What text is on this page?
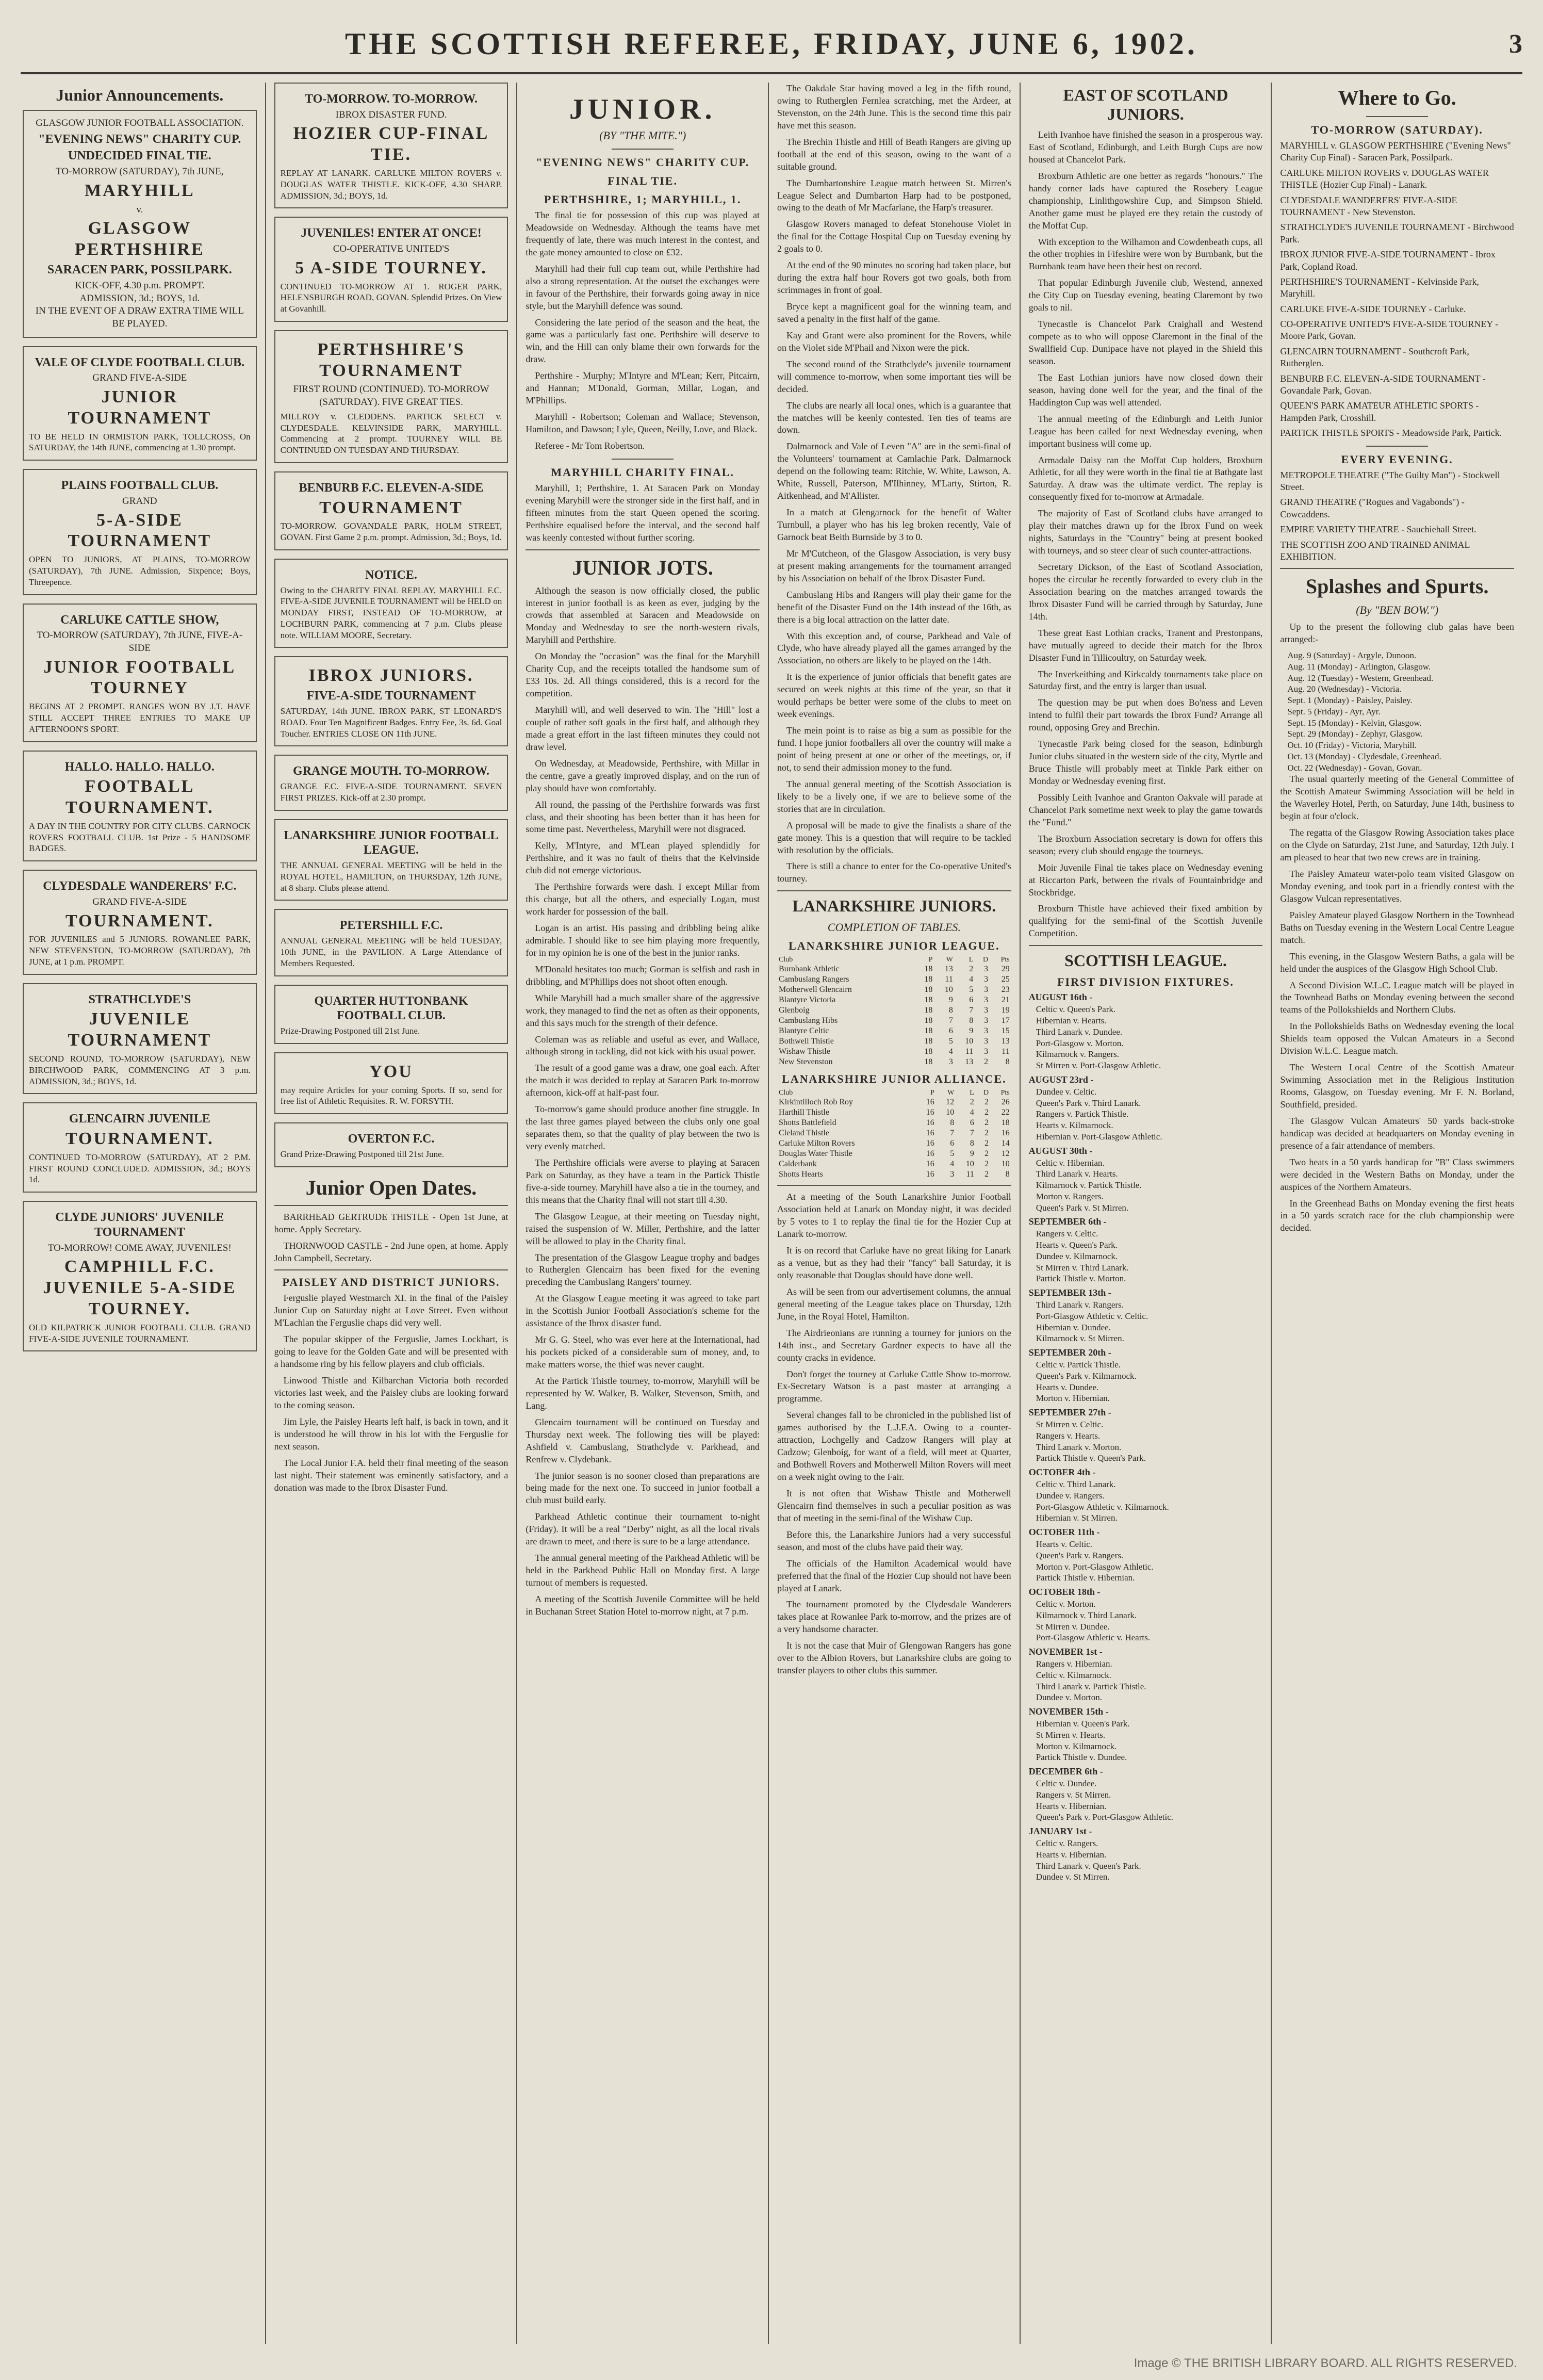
THE SCOTTISH REFEREE, FRIDAY, JUNE 6, 1902.	3
Junior Announcements.
GLASGOW JUNIOR FOOTBALL ASSOCIATION.
"EVENING NEWS" CHARITY CUP.
UNDECIDED FINAL TIE.
TO-MORROW (SATURDAY), 7th JUNE,
MARYHILL
v.
GLASGOW PERTHSHIRE
SARACEN PARK, POSSILPARK.
KICK-OFF, 4.30 p.m. PROMPT.
ADMISSION, 3d.; BOYS, 1d.
IN THE EVENT OF A DRAW EXTRA TIME WILL BE PLAYED.
VALE OF CLYDE FOOTBALL CLUB.
GRAND FIVE-A-SIDE
JUNIOR TOURNAMENT
TO BE HELD IN ORMISTON PARK, TOLLCROSS, On SATURDAY, the 14th JUNE, commencing at 1.30 prompt.
PLAINS FOOTBALL CLUB.
GRAND
5-A-SIDE TOURNAMENT
OPEN TO JUNIORS, AT PLAINS, TO-MORROW (SATURDAY), 7th JUNE. Admission, Sixpence; Boys, Threepence.
CARLUKE CATTLE SHOW,
TO-MORROW (SATURDAY), 7th JUNE, FIVE-A-SIDE
JUNIOR FOOTBALL TOURNEY
BEGINS AT 2 PROMPT. RANGES WON BY J.T. HAVE STILL ACCEPT THREE ENTRIES TO MAKE UP AFTERNOON'S SPORT.
HALLO. HALLO. HALLO.
FOOTBALL TOURNAMENT.
A DAY IN THE COUNTRY FOR CITY CLUBS. CARNOCK ROVERS FOOTBALL CLUB. 1st Prize - 5 HANDSOME BADGES.
CLYDESDALE WANDERERS' F.C.
GRAND FIVE-A-SIDE
TOURNAMENT.
FOR JUVENILES and 5 JUNIORS. ROWANLEE PARK, NEW STEVENSTON, TO-MORROW (SATURDAY), 7th JUNE, at 1 p.m. PROMPT.
STRATHCLYDE'S
JUVENILE TOURNAMENT
SECOND ROUND, TO-MORROW (SATURDAY), NEW BIRCHWOOD PARK, COMMENCING AT 3 p.m. ADMISSION, 3d.; BOYS, 1d.
GLENCAIRN JUVENILE
TOURNAMENT.
CONTINUED TO-MORROW (SATURDAY), AT 2 P.M. FIRST ROUND CONCLUDED. ADMISSION, 3d.; BOYS 1d.
CLYDE JUNIORS' JUVENILE TOURNAMENT
TO-MORROW! COME AWAY, JUVENILES!
CAMPHILL F.C. JUVENILE 5-A-SIDE TOURNEY.
OLD KILPATRICK JUNIOR FOOTBALL CLUB. GRAND FIVE-A-SIDE JUVENILE TOURNAMENT.
TO-MORROW. TO-MORROW.
IBROX DISASTER FUND.
HOZIER CUP-FINAL TIE.
REPLAY AT LANARK. CARLUKE MILTON ROVERS v. DOUGLAS WATER THISTLE. KICK-OFF, 4.30 SHARP. ADMISSION, 3d.; BOYS, 1d.
JUVENILES! ENTER AT ONCE!
CO-OPERATIVE UNITED'S
5 A-SIDE TOURNEY.
CONTINUED TO-MORROW AT 1. ROGER PARK, HELENSBURGH ROAD, GOVAN. Splendid Prizes. On View at Govanhill.
PERTHSHIRE'S TOURNAMENT
FIRST ROUND (CONTINUED). TO-MORROW (SATURDAY). FIVE GREAT TIES.
MILLROY v. CLEDDENS. PARTICK SELECT v. CLYDESDALE. KELVINSIDE PARK, MARYHILL. Commencing at 2 prompt. TOURNEY WILL BE CONTINUED ON TUESDAY AND THURSDAY.
BENBURB F.C. ELEVEN-A-SIDE
TOURNAMENT
TO-MORROW. GOVANDALE PARK, HOLM STREET, GOVAN. First Game 2 p.m. prompt. Admission, 3d.; Boys, 1d.
NOTICE.
Owing to the CHARITY FINAL REPLAY, MARYHILL F.C. FIVE-A-SIDE JUVENILE TOURNAMENT will be HELD on MONDAY FIRST, INSTEAD OF TO-MORROW, at LOCHBURN PARK, commencing at 7 p.m. Clubs please note. WILLIAM MOORE, Secretary.
IBROX JUNIORS.
FIVE-A-SIDE TOURNAMENT
SATURDAY, 14th JUNE. IBROX PARK, ST LEONARD'S ROAD. Four Ten Magnificent Badges. Entry Fee, 3s. 6d. Goal Toucher. ENTRIES CLOSE ON 11th JUNE.
GRANGE MOUTH. TO-MORROW.
GRANGE F.C. FIVE-A-SIDE TOURNAMENT. SEVEN FIRST PRIZES. Kick-off at 2.30 prompt.
LANARKSHIRE JUNIOR FOOTBALL LEAGUE.
THE ANNUAL GENERAL MEETING will be held in the ROYAL HOTEL, HAMILTON, on THURSDAY, 12th JUNE, at 8 sharp. Clubs please attend.
PETERSHILL F.C.
ANNUAL GENERAL MEETING will be held TUESDAY, 10th JUNE, in the PAVILION. A Large Attendance of Members Requested.
QUARTER HUTTONBANK FOOTBALL CLUB.
Prize-Drawing Postponed till 21st June.
YOU
may require Articles for your coming Sports. If so, send for free list of Athletic Requisites. R. W. FORSYTH.
OVERTON F.C.
Grand Prize-Drawing Postponed till 21st June.
Junior Open Dates.

BARRHEAD GERTRUDE THISTLE - Open 1st June, at home. Apply Secretary.

THORNWOOD CASTLE - 2nd June open, at home. Apply John Campbell, Secretary.

PAISLEY AND DISTRICT JUNIORS.

Ferguslie played Westmarch XI. in the final of the Paisley Junior Cup on Saturday night at Love Street. Even without M'Lachlan the Ferguslie chaps did very well.

The popular skipper of the Ferguslie, James Lockhart, is going to leave for the Golden Gate and will be presented with a handsome ring by his fellow players and club officials.

Linwood Thistle and Kilbarchan Victoria both recorded victories last week, and the Paisley clubs are looking forward to the coming season.

Jim Lyle, the Paisley Hearts left half, is back in town, and it is understood he will throw in his lot with the Ferguslie for next season.

The Local Junior F.A. held their final meeting of the season last night. Their statement was eminently satisfactory, and a donation was made to the Ibrox Disaster Fund.

JUNIOR.
(BY "THE MITE.")
"EVENING NEWS" CHARITY CUP.
FINAL TIE.
PERTHSHIRE, 1; MARYHILL, 1.

The final tie for possession of this cup was played at Meadowside on Wednesday. Although the teams have met frequently of late, there was much interest in the contest, and the gate money amounted to close on £32.

Maryhill had their full cup team out, while Perthshire had also a strong representation. At the outset the exchanges were in favour of the Perthshire, their forwards going away in nice style, but the Maryhill defence was sound.

Considering the late period of the season and the heat, the game was a particularly fast one. Perthshire will deserve to win, and the Hill can only blame their own forwards for the draw.

Perthshire - Murphy; M'Intyre and M'Lean; Kerr, Pitcairn, and Hannan; M'Donald, Gorman, Millar, Logan, and M'Phillips.

Maryhill - Robertson; Coleman and Wallace; Stevenson, Hamilton, and Dawson; Lyle, Queen, Neilly, Love, and Black.

Referee - Mr Tom Robertson.

MARYHILL CHARITY FINAL.

Maryhill, 1; Perthshire, 1. At Saracen Park on Monday evening Maryhill were the stronger side in the first half, and in fifteen minutes from the start Queen opened the scoring. Perthshire equalised before the interval, and the second half was keenly contested without further scoring.

JUNIOR JOTS.

Although the season is now officially closed, the public interest in junior football is as keen as ever, judging by the crowds that assembled at Saracen and Meadowside on Monday and Wednesday to see the north-western rivals, Maryhill and Perthshire.

On Monday the "occasion" was the final for the Maryhill Charity Cup, and the receipts totalled the handsome sum of £33 10s. 2d. All things considered, this is a record for the competition.

Maryhill will, and well deserved to win. The "Hill" lost a couple of rather soft goals in the first half, and although they made a great effort in the last fifteen minutes they could not draw level.

On Wednesday, at Meadowside, Perthshire, with Millar in the centre, gave a greatly improved display, and on the run of play should have won comfortably.

All round, the passing of the Perthshire forwards was first class, and their shooting has been better than it has been for some time past. Nevertheless, Maryhill were not disgraced.

Kelly, M'Intyre, and M'Lean played splendidly for Perthshire, and it was no fault of theirs that the Kelvinside club did not emerge victorious.

The Perthshire forwards were dash. I except Millar from this charge, but all the others, and especially Logan, must work harder for possession of the ball.

Logan is an artist. His passing and dribbling being alike admirable. I should like to see him playing more frequently, for in my opinion he is one of the best in the junior ranks.

M'Donald hesitates too much; Gorman is selfish and rash in dribbling, and M'Phillips does not shoot often enough.

While Maryhill had a much smaller share of the aggressive work, they managed to find the net as often as their opponents, and this says much for the strength of their defence.

Coleman was as reliable and useful as ever, and Wallace, although strong in tackling, did not kick with his usual power.

The result of a good game was a draw, one goal each. After the match it was decided to replay at Saracen Park to-morrow afternoon, kick-off at half-past four.

To-morrow's game should produce another fine struggle. In the last three games played between the clubs only one goal separates them, so that the quality of play between the two is very evenly matched.

The Perthshire officials were averse to playing at Saracen Park on Saturday, as they have a team in the Partick Thistle five-a-side tourney. Maryhill have also a tie in the tourney, and this means that the Charity final will not start till 4.30.

The Glasgow League, at their meeting on Tuesday night, raised the suspension of W. Miller, Perthshire, and the latter will be allowed to play in the Charity final.

The presentation of the Glasgow League trophy and badges to Rutherglen Glencairn has been fixed for the evening preceding the Cambuslang Rangers' tourney.

At the Glasgow League meeting it was agreed to take part in the Scottish Junior Football Association's scheme for the assistance of the Ibrox disaster fund.

Mr G. G. Steel, who was ever here at the International, had his pockets picked of a considerable sum of money, and, to make matters worse, the thief was never caught.

At the Partick Thistle tourney, to-morrow, Maryhill will be represented by W. Walker, B. Walker, Stevenson, Smith, and Lang.

Glencairn tournament will be continued on Tuesday and Thursday next week. The following ties will be played: Ashfield v. Cambuslang, Strathclyde v. Parkhead, and Renfrew v. Clydebank.

The junior season is no sooner closed than preparations are being made for the next one. To succeed in junior football a club must build early.

Parkhead Athletic continue their tournament to-night (Friday). It will be a real "Derby" night, as all the local rivals are drawn to meet, and there is sure to be a large attendance.

The annual general meeting of the Parkhead Athletic will be held in the Parkhead Public Hall on Monday first. A large turnout of members is requested.

A meeting of the Scottish Juvenile Committee will be held in Buchanan Street Station Hotel to-morrow night, at 7 p.m.

The Oakdale Star having moved a leg in the fifth round, owing to Rutherglen Fernlea scratching, met the Ardeer, at Stevenston, on the 24th June. This is the second time this pair have met this season.

The Brechin Thistle and Hill of Beath Rangers are giving up football at the end of this season, owing to the want of a suitable ground.

The Dumbartonshire League match between St. Mirren's League Select and Dumbarton Harp had to be postponed, owing to the death of Mr Macfarlane, the Harp's treasurer.

Glasgow Rovers managed to defeat Stonehouse Violet in the final for the Cottage Hospital Cup on Tuesday evening by 2 goals to 0.

At the end of the 90 minutes no scoring had taken place, but during the extra half hour Rovers got two goals, both from scrimmages in front of goal.

Bryce kept a magnificent goal for the winning team, and saved a penalty in the first half of the game.

Kay and Grant were also prominent for the Rovers, while on the Violet side M'Phail and Nixon were the pick.

The second round of the Strathclyde's juvenile tournament will commence to-morrow, when some important ties will be decided.

The clubs are nearly all local ones, which is a guarantee that the matches will be keenly contested. Ten ties of teams are down.

Dalmarnock and Vale of Leven "A" are in the semi-final of the Volunteers' tournament at Camlachie Park. Dalmarnock depend on the following team: Ritchie, W. White, Lawson, A. White, Russell, Paterson, M'Ilhinney, M'Larty, Stirton, R. Aitkenhead, and M'Allister.

In a match at Glengarnock for the benefit of Walter Turnbull, a player who has his leg broken recently, Vale of Garnock beat Beith Burnside by 3 to 0.

Mr M'Cutcheon, of the Glasgow Association, is very busy at present making arrangements for the tournament arranged by his Association on behalf of the Ibrox Disaster Fund.

Cambuslang Hibs and Rangers will play their game for the benefit of the Disaster Fund on the 14th instead of the 16th, as there is a big local attraction on the latter date.

With this exception and, of course, Parkhead and Vale of Clyde, who have already played all the games arranged by the Association, no others are likely to be played on the 14th.

It is the experience of junior officials that benefit gates are secured on week nights at this time of the year, so that it would perhaps be better were some of the clubs to meet on week evenings.

The mein point is to raise as big a sum as possible for the fund. I hope junior footballers all over the country will make a point of being present at one or other of the meetings, or, if not, to send their admission money to the fund.

The annual general meeting of the Scottish Association is likely to be a lively one, if we are to believe some of the stories that are in circulation.

A proposal will be made to give the finalists a share of the gate money. This is a question that will require to be tackled with resolution by the officials.

There is still a chance to enter for the Co-operative United's tourney.

LANARKSHIRE JUNIORS.
COMPLETION OF TABLES.
LANARKSHIRE JUNIOR LEAGUE.
Club	P	W	L	D	Pts
Burnbank Athletic	18	13	2	3	29
Cambuslang Rangers	18	11	4	3	25
Motherwell Glencairn	18	10	5	3	23
Blantyre Victoria	18	9	6	3	21
Glenboig	18	8	7	3	19
Cambuslang Hibs	18	7	8	3	17
Blantyre Celtic	18	6	9	3	15
Bothwell Thistle	18	5	10	3	13
Wishaw Thistle	18	4	11	3	11
New Stevenston	18	3	13	2	8
LANARKSHIRE JUNIOR ALLIANCE.
Club	P	W	L	D	Pts
Kirkintilloch Rob Roy	16	12	2	2	26
Harthill Thistle	16	10	4	2	22
Shotts Battlefield	16	8	6	2	18
Cleland Thistle	16	7	7	2	16
Carluke Milton Rovers	16	6	8	2	14
Douglas Water Thistle	16	5	9	2	12
Calderbank	16	4	10	2	10
Shotts Hearts	16	3	11	2	8

At a meeting of the South Lanarkshire Junior Football Association held at Lanark on Monday night, it was decided by 5 votes to 1 to replay the final tie for the Hozier Cup at Lanark to-morrow.

It is on record that Carluke have no great liking for Lanark as a venue, but as they had their "fancy" ball Saturday, it is only reasonable that Douglas should have done well.

As will be seen from our advertisement columns, the annual general meeting of the League takes place on Thursday, 12th June, in the Royal Hotel, Hamilton.

The Airdrieonians are running a tourney for juniors on the 14th inst., and Secretary Gardner expects to have all the county cracks in evidence.

Don't forget the tourney at Carluke Cattle Show to-morrow. Ex-Secretary Watson is a past master at arranging a programme.

Several changes fall to be chronicled in the published list of games authorised by the L.J.F.A. Owing to a counter-attraction, Lochgelly and Cadzow Rangers will play at Cadzow; Glenboig, for want of a field, will meet at Quarter, and Bothwell Rovers and Motherwell Milton Rovers will meet on a week night owing to the Fair.

It is not often that Wishaw Thistle and Motherwell Glencairn find themselves in such a peculiar position as was that of meeting in the semi-final of the Wishaw Cup.

Before this, the Lanarkshire Juniors had a very successful season, and most of the clubs have paid their way.

The officials of the Hamilton Academical would have preferred that the final of the Hozier Cup should not have been played at Lanark.

The tournament promoted by the Clydesdale Wanderers takes place at Rowanlee Park to-morrow, and the prizes are of a very handsome character.

It is not the case that Muir of Glengowan Rangers has gone over to the Albion Rovers, but Lanarkshire clubs are going to transfer players to other clubs this summer.

EAST OF SCOTLAND JUNIORS.

Leith Ivanhoe have finished the season in a prosperous way. East of Scotland, Edinburgh, and Leith Burgh Cups are now housed at Chancelot Park.

Broxburn Athletic are one better as regards "honours." The handy corner lads have captured the Rosebery League championship, Linlithgowshire Cup, and Simpson Shield. Another game must be played ere they retain the custody of the Moffat Cup.

With exception to the Wilhamon and Cowdenbeath cups, all the other trophies in Fifeshire were won by Burnbank, but the Burnbank team have been their best on record.

That popular Edinburgh Juvenile club, Westend, annexed the City Cup on Tuesday evening, beating Claremont by two goals to nil.

Tynecastle is Chancelot Park Craighall and Westend compete as to who will oppose Claremont in the final of the Swallfield Cup. Dunipace have not played in the Shield this season.

The East Lothian juniors have now closed down their season, having done well for the year, and the final of the Haddington Cup was well attended.

The annual meeting of the Edinburgh and Leith Junior League has been called for next Wednesday evening, when important business will come up.

Armadale Daisy ran the Moffat Cup holders, Broxburn Athletic, for all they were worth in the final tie at Bathgate last Saturday. A draw was the ultimate verdict. The replay is consequently fixed for to-morrow at Armadale.

The majority of East of Scotland clubs have arranged to play their matches drawn up for the Ibrox Fund on week nights, Saturdays in the "Country" being at present booked with tourneys, and so steer clear of such counter-attractions.

Secretary Dickson, of the East of Scotland Association, hopes the circular he recently forwarded to every club in the Association bearing on the matches arranged towards the Ibrox Disaster Fund will be carried through by Saturday, June 14th.

These great East Lothian cracks, Tranent and Prestonpans, have mutually agreed to decide their match for the Ibrox Disaster Fund in Tillicoultry, on Saturday week.

The Inverkeithing and Kirkcaldy tournaments take place on Saturday first, and the entry is larger than usual.

The question may be put when does Bo'ness and Leven intend to fulfil their part towards the Ibrox Fund? Arrange all round, opposing Grey and Brechin.

Tynecastle Park being closed for the season, Edinburgh Junior clubs situated in the western side of the city, Myrtle and Bruce Thistle will probably meet at Tinkle Park either on Monday or Wednesday evening first.

Possibly Leith Ivanhoe and Granton Oakvale will parade at Chancelot Park sometime next week to play the game towards the "Fund."

The Broxburn Association secretary is down for offers this season; every club should engage the tourneys.

Moir Juvenile Final tie takes place on Wednesday evening at Riccarton Park, between the rivals of Fountainbridge and Stockbridge.

Broxburn Thistle have achieved their fixed ambition by qualifying for the semi-final of the Scottish Juvenile Competition.

SCOTTISH LEAGUE.
FIRST DIVISION FIXTURES.
AUGUST 16th -
Celtic v. Queen's Park.
Hibernian v. Hearts.
Third Lanark v. Dundee.
Port-Glasgow v. Morton.
Kilmarnock v. Rangers.
St Mirren v. Port-Glasgow Athletic.
AUGUST 23rd -
Dundee v. Celtic.
Queen's Park v. Third Lanark.
Rangers v. Partick Thistle.
Hearts v. Kilmarnock.
Hibernian v. Port-Glasgow Athletic.
AUGUST 30th -
Celtic v. Hibernian.
Third Lanark v. Hearts.
Kilmarnock v. Partick Thistle.
Morton v. Rangers.
Queen's Park v. St Mirren.
SEPTEMBER 6th -
Rangers v. Celtic.
Hearts v. Queen's Park.
Dundee v. Kilmarnock.
St Mirren v. Third Lanark.
Partick Thistle v. Morton.
SEPTEMBER 13th -
Third Lanark v. Rangers.
Port-Glasgow Athletic v. Celtic.
Hibernian v. Dundee.
Kilmarnock v. St Mirren.
SEPTEMBER 20th -
Celtic v. Partick Thistle.
Queen's Park v. Kilmarnock.
Hearts v. Dundee.
Morton v. Hibernian.
SEPTEMBER 27th -
St Mirren v. Celtic.
Rangers v. Hearts.
Third Lanark v. Morton.
Partick Thistle v. Queen's Park.
OCTOBER 4th -
Celtic v. Third Lanark.
Dundee v. Rangers.
Port-Glasgow Athletic v. Kilmarnock.
Hibernian v. St Mirren.
OCTOBER 11th -
Hearts v. Celtic.
Queen's Park v. Rangers.
Morton v. Port-Glasgow Athletic.
Partick Thistle v. Hibernian.
OCTOBER 18th -
Celtic v. Morton.
Kilmarnock v. Third Lanark.
St Mirren v. Dundee.
Port-Glasgow Athletic v. Hearts.
NOVEMBER 1st -
Rangers v. Hibernian.
Celtic v. Kilmarnock.
Third Lanark v. Partick Thistle.
Dundee v. Morton.
NOVEMBER 15th -
Hibernian v. Queen's Park.
St Mirren v. Hearts.
Morton v. Kilmarnock.
Partick Thistle v. Dundee.
DECEMBER 6th -
Celtic v. Dundee.
Rangers v. St Mirren.
Hearts v. Hibernian.
Queen's Park v. Port-Glasgow Athletic.
JANUARY 1st -
Celtic v. Rangers.
Hearts v. Hibernian.
Third Lanark v. Queen's Park.
Dundee v. St Mirren.
Where to Go.
TO-MORROW (SATURDAY).
MARYHILL v. GLASGOW PERTHSHIRE ("Evening News" Charity Cup Final) - Saracen Park, Possilpark.
CARLUKE MILTON ROVERS v. DOUGLAS WATER THISTLE (Hozier Cup Final) - Lanark.
CLYDESDALE WANDERERS' FIVE-A-SIDE TOURNAMENT - New Stevenston.
STRATHCLYDE'S JUVENILE TOURNAMENT - Birchwood Park.
IBROX JUNIOR FIVE-A-SIDE TOURNAMENT - Ibrox Park, Copland Road.
PERTHSHIRE'S TOURNAMENT - Kelvinside Park, Maryhill.
CARLUKE FIVE-A-SIDE TOURNEY - Carluke.
CO-OPERATIVE UNITED'S FIVE-A-SIDE TOURNEY - Moore Park, Govan.
GLENCAIRN TOURNAMENT - Southcroft Park, Rutherglen.
BENBURB F.C. ELEVEN-A-SIDE TOURNAMENT - Govandale Park, Govan.
QUEEN'S PARK AMATEUR ATHLETIC SPORTS - Hampden Park, Crosshill.
PARTICK THISTLE SPORTS - Meadowside Park, Partick.
EVERY EVENING.
METROPOLE THEATRE ("The Guilty Man") - Stockwell Street.
GRAND THEATRE ("Rogues and Vagabonds") - Cowcaddens.
EMPIRE VARIETY THEATRE - Sauchiehall Street.
THE SCOTTISH ZOO AND TRAINED ANIMAL EXHIBITION.
Splashes and Spurts.
(By "BEN BOW.")

Up to the present the following club galas have been arranged:-

Aug. 9 (Saturday) - Argyle, Dunoon.
Aug. 11 (Monday) - Arlington, Glasgow.
Aug. 12 (Tuesday) - Western, Greenhead.
Aug. 20 (Wednesday) - Victoria.
Sept. 1 (Monday) - Paisley, Paisley.
Sept. 5 (Friday) - Ayr, Ayr.
Sept. 15 (Monday) - Kelvin, Glasgow.
Sept. 29 (Monday) - Zephyr, Glasgow.
Oct. 10 (Friday) - Victoria, Maryhill.
Oct. 13 (Monday) - Clydesdale, Greenhead.
Oct. 22 (Wednesday) - Govan, Govan.

The usual quarterly meeting of the General Committee of the Scottish Amateur Swimming Association will be held in the Waverley Hotel, Perth, on Saturday, June 14th, business to begin at four o'clock.

The regatta of the Glasgow Rowing Association takes place on the Clyde on Saturday, 21st June, and Saturday, 12th July. I am pleased to hear that two new crews are in training.

The Paisley Amateur water-polo team visited Glasgow on Monday evening, and took part in a friendly contest with the Glasgow Vulcan representatives.

Paisley Amateur played Glasgow Northern in the Townhead Baths on Tuesday evening in the Western Local Centre League match.

This evening, in the Glasgow Western Baths, a gala will be held under the auspices of the Glasgow High School Club.

A Second Division W.L.C. League match will be played in the Townhead Baths on Monday evening between the second teams of the Pollokshields and Northern Clubs.

In the Pollokshields Baths on Wednesday evening the local Shields team opposed the Vulcan Amateurs in a Second Division W.L.C. League match.

The Western Local Centre of the Scottish Amateur Swimming Association met in the Religious Institution Rooms, Glasgow, on Tuesday evening. Mr F. N. Borland, Southfield, presided.

The Glasgow Vulcan Amateurs' 50 yards back-stroke handicap was decided at headquarters on Monday evening in presence of a fair attendance of members.

Two heats in a 50 yards handicap for "B" Class swimmers were decided in the Western Baths on Monday, under the auspices of the Northern Amateurs.

In the Greenhead Baths on Monday evening the first heats in a 50 yards scratch race for the club championship were decided.

Image © THE BRITISH LIBRARY BOARD. ALL RIGHTS RESERVED.
